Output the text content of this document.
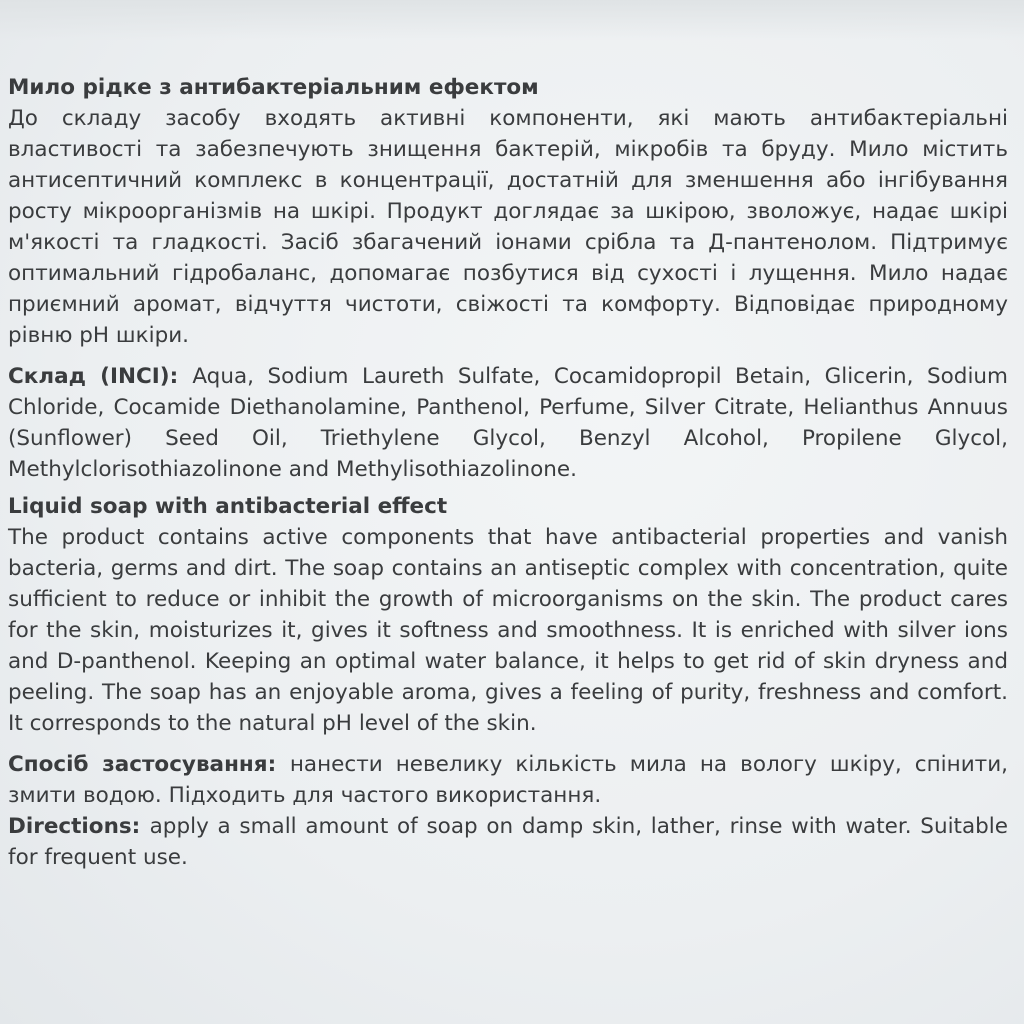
Мило рідке з антибактеріальним ефектом

До складу засобу входять активні компоненти, які мають антибактеріальні властивості та забезпечують знищення бактерій, мікробів та бруду. Мило містить антисептичний комплекс в концентрації, достатній для зменшення або інгібування росту мікроорганізмів на шкірі. Продукт доглядає за шкірою, зволожує, надає шкірі м'якості та гладкості. Засіб збагачений іонами срібла та Д-пантенолом. Підтримує оптимальний гідробаланс, допомагає позбутися від сухості і лущення. Мило надає приємний аромат, відчуття чистоти, свіжості та комфорту. Відповідає природному рівню pH шкіри.

Склад (INCI): Aqua, Sodium Laureth Sulfate, Cocamidopropil Betain, Glicerin, Sodium Chloride, Cocamide Diethanolamine, Panthenol, Perfume, Silver Citrate, Helianthus Annuus (Sunflower) Seed Oil, Triethylene Glycol, Benzyl Alcohol, Propilene Glycol, Methylclorisothiazolinone and Methylisothiazolinone.

Liquid soap with antibacterial effect

The product contains active components that have antibacterial properties and vanish bacteria, germs and dirt. The soap contains an antiseptic complex with concentration, quite sufficient to reduce or inhibit the growth of microorganisms on the skin. The product cares for the skin, moisturizes it, gives it softness and smoothness. It is enriched with silver ions and D-panthenol. Keeping an optimal water balance, it helps to get rid of skin dryness and peeling. The soap has an enjoyable aroma, gives a feeling of purity, freshness and comfort. It corresponds to the natural pH level of the skin.

Спосіб застосування: нанести невелику кількість мила на вологу шкіру, спінити, змити водою. Підходить для частого використання.

Directions: apply a small amount of soap on damp skin, lather, rinse with water. Suitable for frequent use.
